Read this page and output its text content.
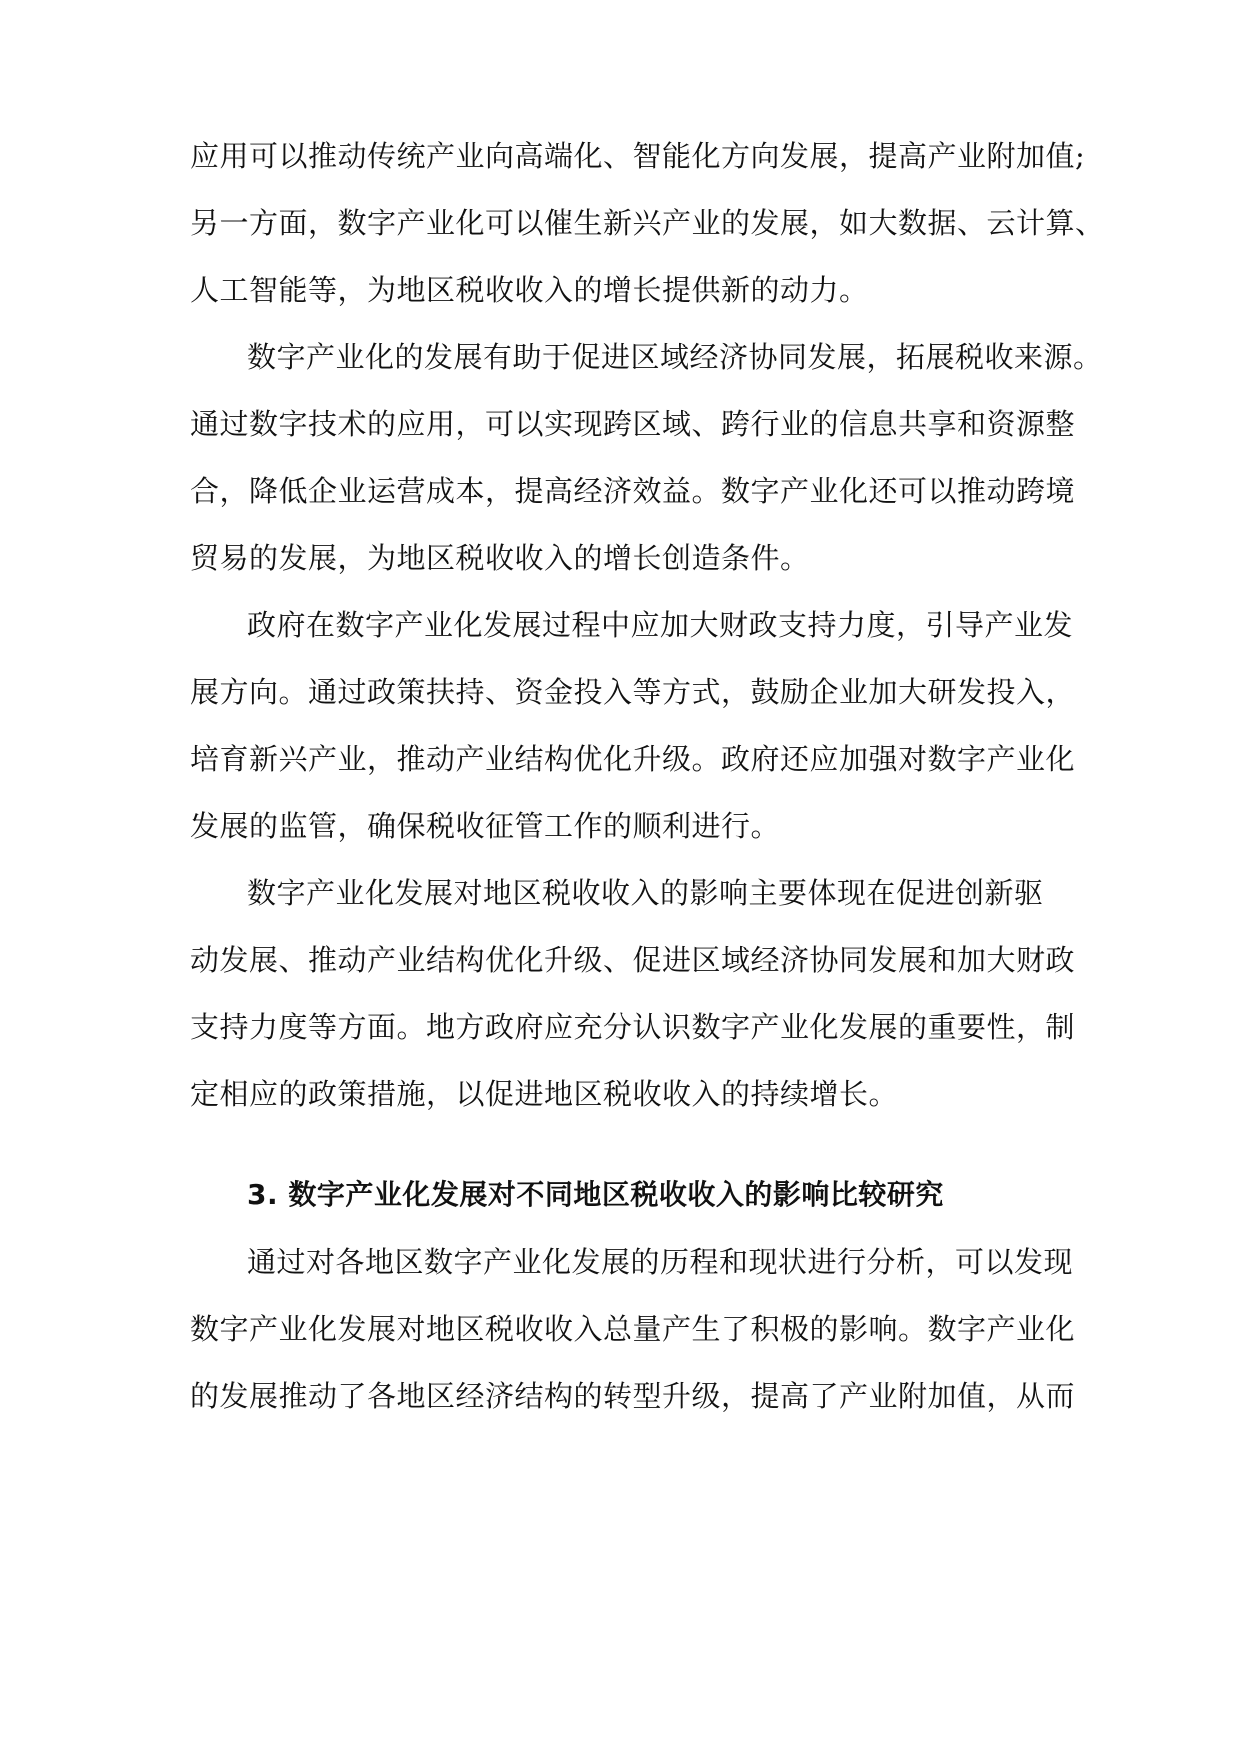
应用可以推动传统产业向高端化、智能化方向发展，提高产业附加值;
另一方面，数字产业化可以催生新兴产业的发展，如大数据、云计算、
人工智能等，为地区税收收入的增长提供新的动力。
数字产业化的发展有助于促进区域经济协同发展，拓展税收来源。
通过数字技术的应用，可以实现跨区域、跨行业的信息共享和资源整
合，降低企业运营成本，提高经济效益。数字产业化还可以推动跨境
贸易的发展，为地区税收收入的增长创造条件。
政府在数字产业化发展过程中应加大财政支持力度，引导产业发
展方向。通过政策扶持、资金投入等方式，鼓励企业加大研发投入，
培育新兴产业，推动产业结构优化升级。政府还应加强对数字产业化
发展的监管，确保税收征管工作的顺利进行。
数字产业化发展对地区税收收入的影响主要体现在促进创新驱
动发展、推动产业结构优化升级、促进区域经济协同发展和加大财政
支持力度等方面。地方政府应充分认识数字产业化发展的重要性，制
定相应的政策措施，以促进地区税收收入的持续增长。
3. 数字产业化发展对不同地区税收收入的影响比较研究
通过对各地区数字产业化发展的历程和现状进行分析，可以发现
数字产业化发展对地区税收收入总量产生了积极的影响。数字产业化
的发展推动了各地区经济结构的转型升级，提高了产业附加值，从而
